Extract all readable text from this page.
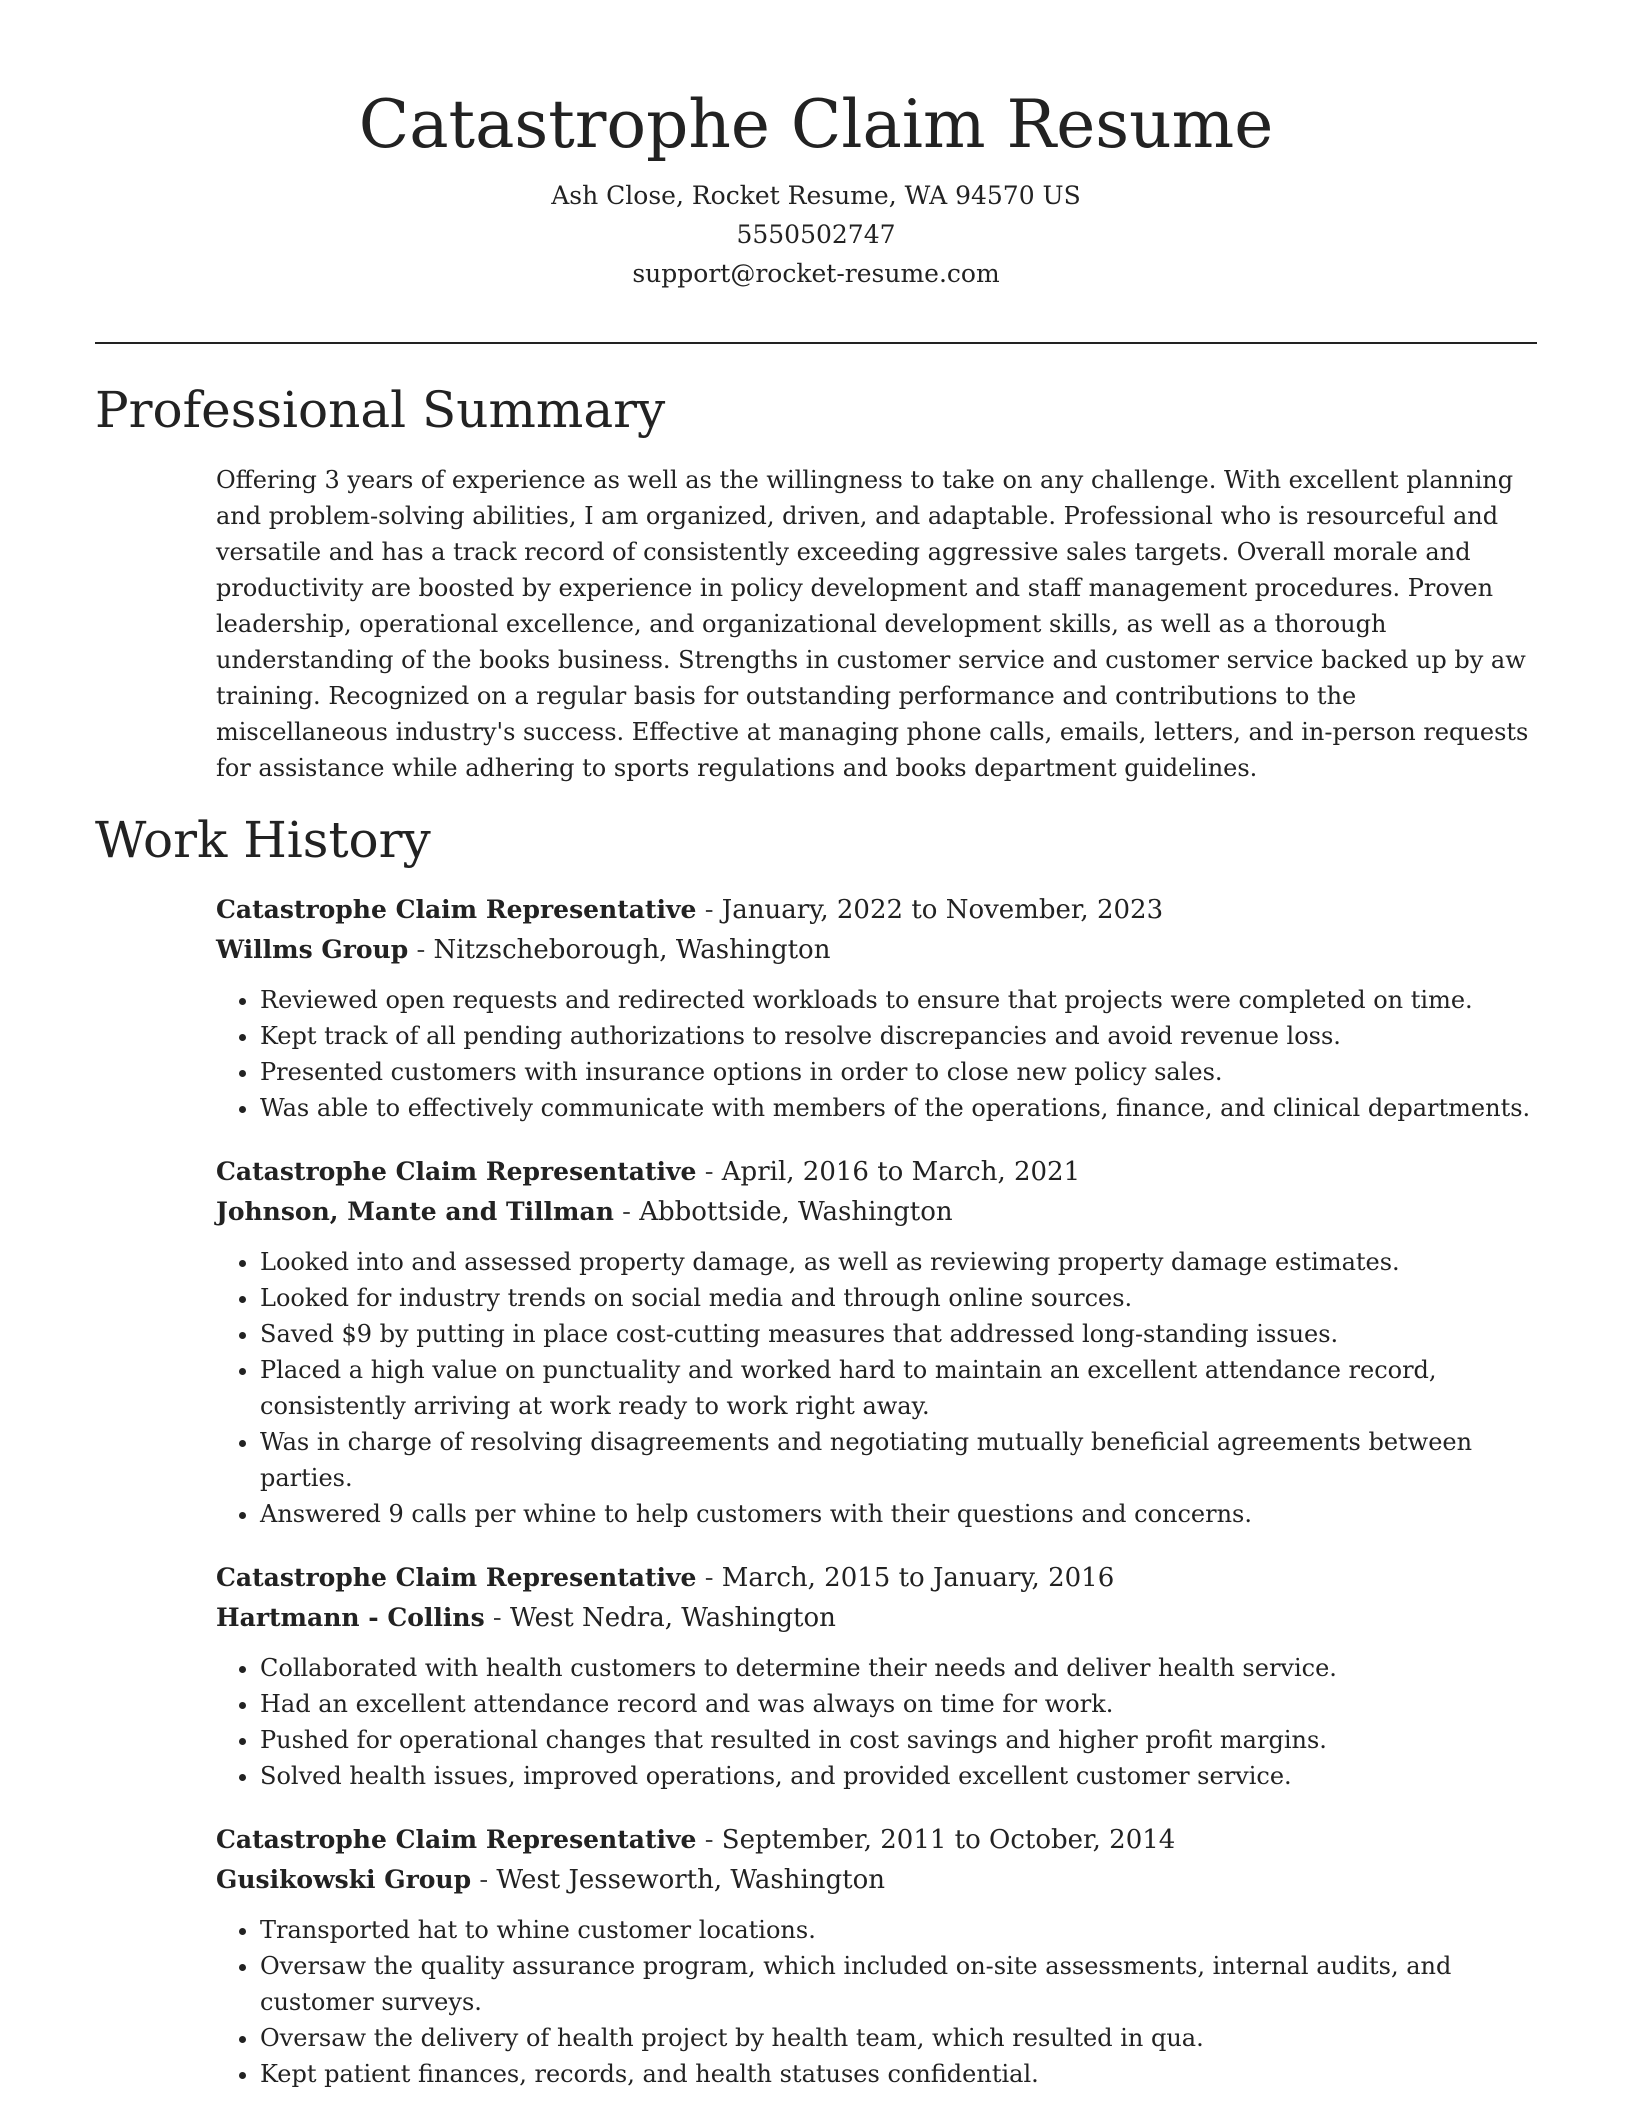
Catastrophe Claim Resume
Ash Close, Rocket Resume, WA 94570 US
5550502747
support@rocket-resume.com
Professional Summary

Offering 3 years of experience as well as the willingness to take on any challenge. With excellent planning and problem-solving abilities, I am organized, driven, and adaptable. Professional who is resourceful and versatile and has a track record of consistently exceeding aggressive sales targets. Overall morale and productivity are boosted by experience in policy development and staff management procedures. Proven leadership, operational excellence, and organizational development skills, as well as a thorough understanding of the books business. Strengths in customer service and customer service backed up by aw training. Recognized on a regular basis for outstanding performance and contributions to the miscellaneous industry's success. Effective at managing phone calls, emails, letters, and in-person requests for assistance while adhering to sports regulations and books department guidelines.

Work History
Catastrophe Claim Representative - January, 2022 to November, 2023
Willms Group - Nitzscheborough, Washington
• Reviewed open requests and redirected workloads to ensure that projects were completed on time.
• Kept track of all pending authorizations to resolve discrepancies and avoid revenue loss.
• Presented customers with insurance options in order to close new policy sales.
• Was able to effectively communicate with members of the operations, finance, and clinical departments.
Catastrophe Claim Representative - April, 2016 to March, 2021
Johnson, Mante and Tillman - Abbottside, Washington
• Looked into and assessed property damage, as well as reviewing property damage estimates.
• Looked for industry trends on social media and through online sources.
• Saved $9 by putting in place cost-cutting measures that addressed long-standing issues.
• Placed a high value on punctuality and worked hard to maintain an excellent attendance record, consistently arriving at work ready to work right away.
• Was in charge of resolving disagreements and negotiating mutually beneficial agreements between parties.
• Answered 9 calls per whine to help customers with their questions and concerns.
Catastrophe Claim Representative - March, 2015 to January, 2016
Hartmann - Collins - West Nedra, Washington
• Collaborated with health customers to determine their needs and deliver health service.
• Had an excellent attendance record and was always on time for work.
• Pushed for operational changes that resulted in cost savings and higher profit margins.
• Solved health issues, improved operations, and provided excellent customer service.
Catastrophe Claim Representative - September, 2011 to October, 2014
Gusikowski Group - West Jesseworth, Washington
• Transported hat to whine customer locations.
• Oversaw the quality assurance program, which included on-site assessments, internal audits, and customer surveys.
• Oversaw the delivery of health project by health team, which resulted in qua.
• Kept patient finances, records, and health statuses confidential.
